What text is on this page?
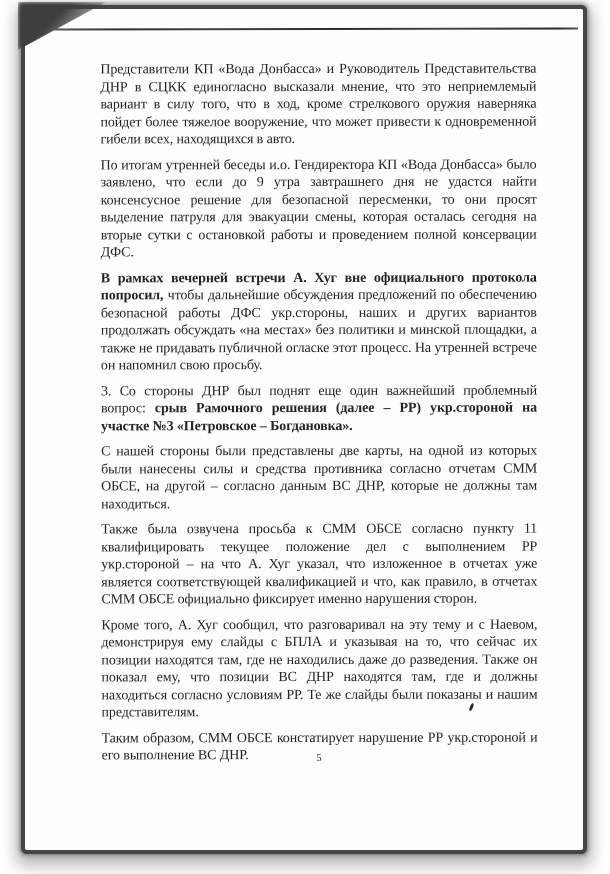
Представители КП «Вода Донбасса» и Руководитель Представительства ДНР в СЦКК единогласно высказали мнение, что это неприемлемый вариант в силу того, что в ход, кроме стрелкового оружия наверняка пойдет более тяжелое вооружение, что может привести к одновременной гибели всех, находящихся в авто.

По итогам утренней беседы и.о. Гендиректора КП «Вода Донбасса» было заявлено, что если до 9 утра завтрашнего дня не удастся найти консенсусное решение для безопасной пересменки, то они просят выделение патруля для эвакуации смены, которая осталась сегодня на вторые сутки с остановкой работы и проведением полной консервации ДФС.

В рамках вечерней встречи А. Хуг вне официального протокола попросил, чтобы дальнейшие обсуждения предложений по обеспечению безопасной работы ДФС укр.стороны, наших и других вариантов продолжать обсуждать «на местах» без политики и минской площадки, а также не придавать публичной огласке этот процесс. На утренней встрече он напомнил свою просьбу.

3. Со стороны ДНР был поднят еще один важнейший проблемный вопрос: срыв Рамочного решения (далее – РР) укр.стороной на участке №3 «Петровское – Богдановка».

С нашей стороны были представлены две карты, на одной из которых были нанесены силы и средства противника согласно отчетам СММ ОБСЕ, на другой – согласно данным ВС ДНР, которые не должны там находиться.

Также была озвучена просьба к СММ ОБСЕ согласно пункту 11 квалифицировать текущее положение дел с выполнением РР укр.стороной – на что А. Хуг указал, что изложенное в отчетах уже является соответствующей квалификацией и что, как правило, в отчетах СММ ОБСЕ официально фиксирует именно нарушения сторон.

Кроме того, А. Хуг сообщил, что разговаривал на эту тему и с Наевом, демонстрируя ему слайды с БПЛА и указывая на то, что сейчас их позиции находятся там, где не находились даже до разведения. Также он показал ему, что позиции ВС ДНР находятся там, где и должны находиться согласно условиям РР. Те же слайды были показаны и нашим представителям.

Таким образом, СММ ОБСЕ констатирует нарушение РР укр.стороной и его выполнение ВС ДНР.	5
